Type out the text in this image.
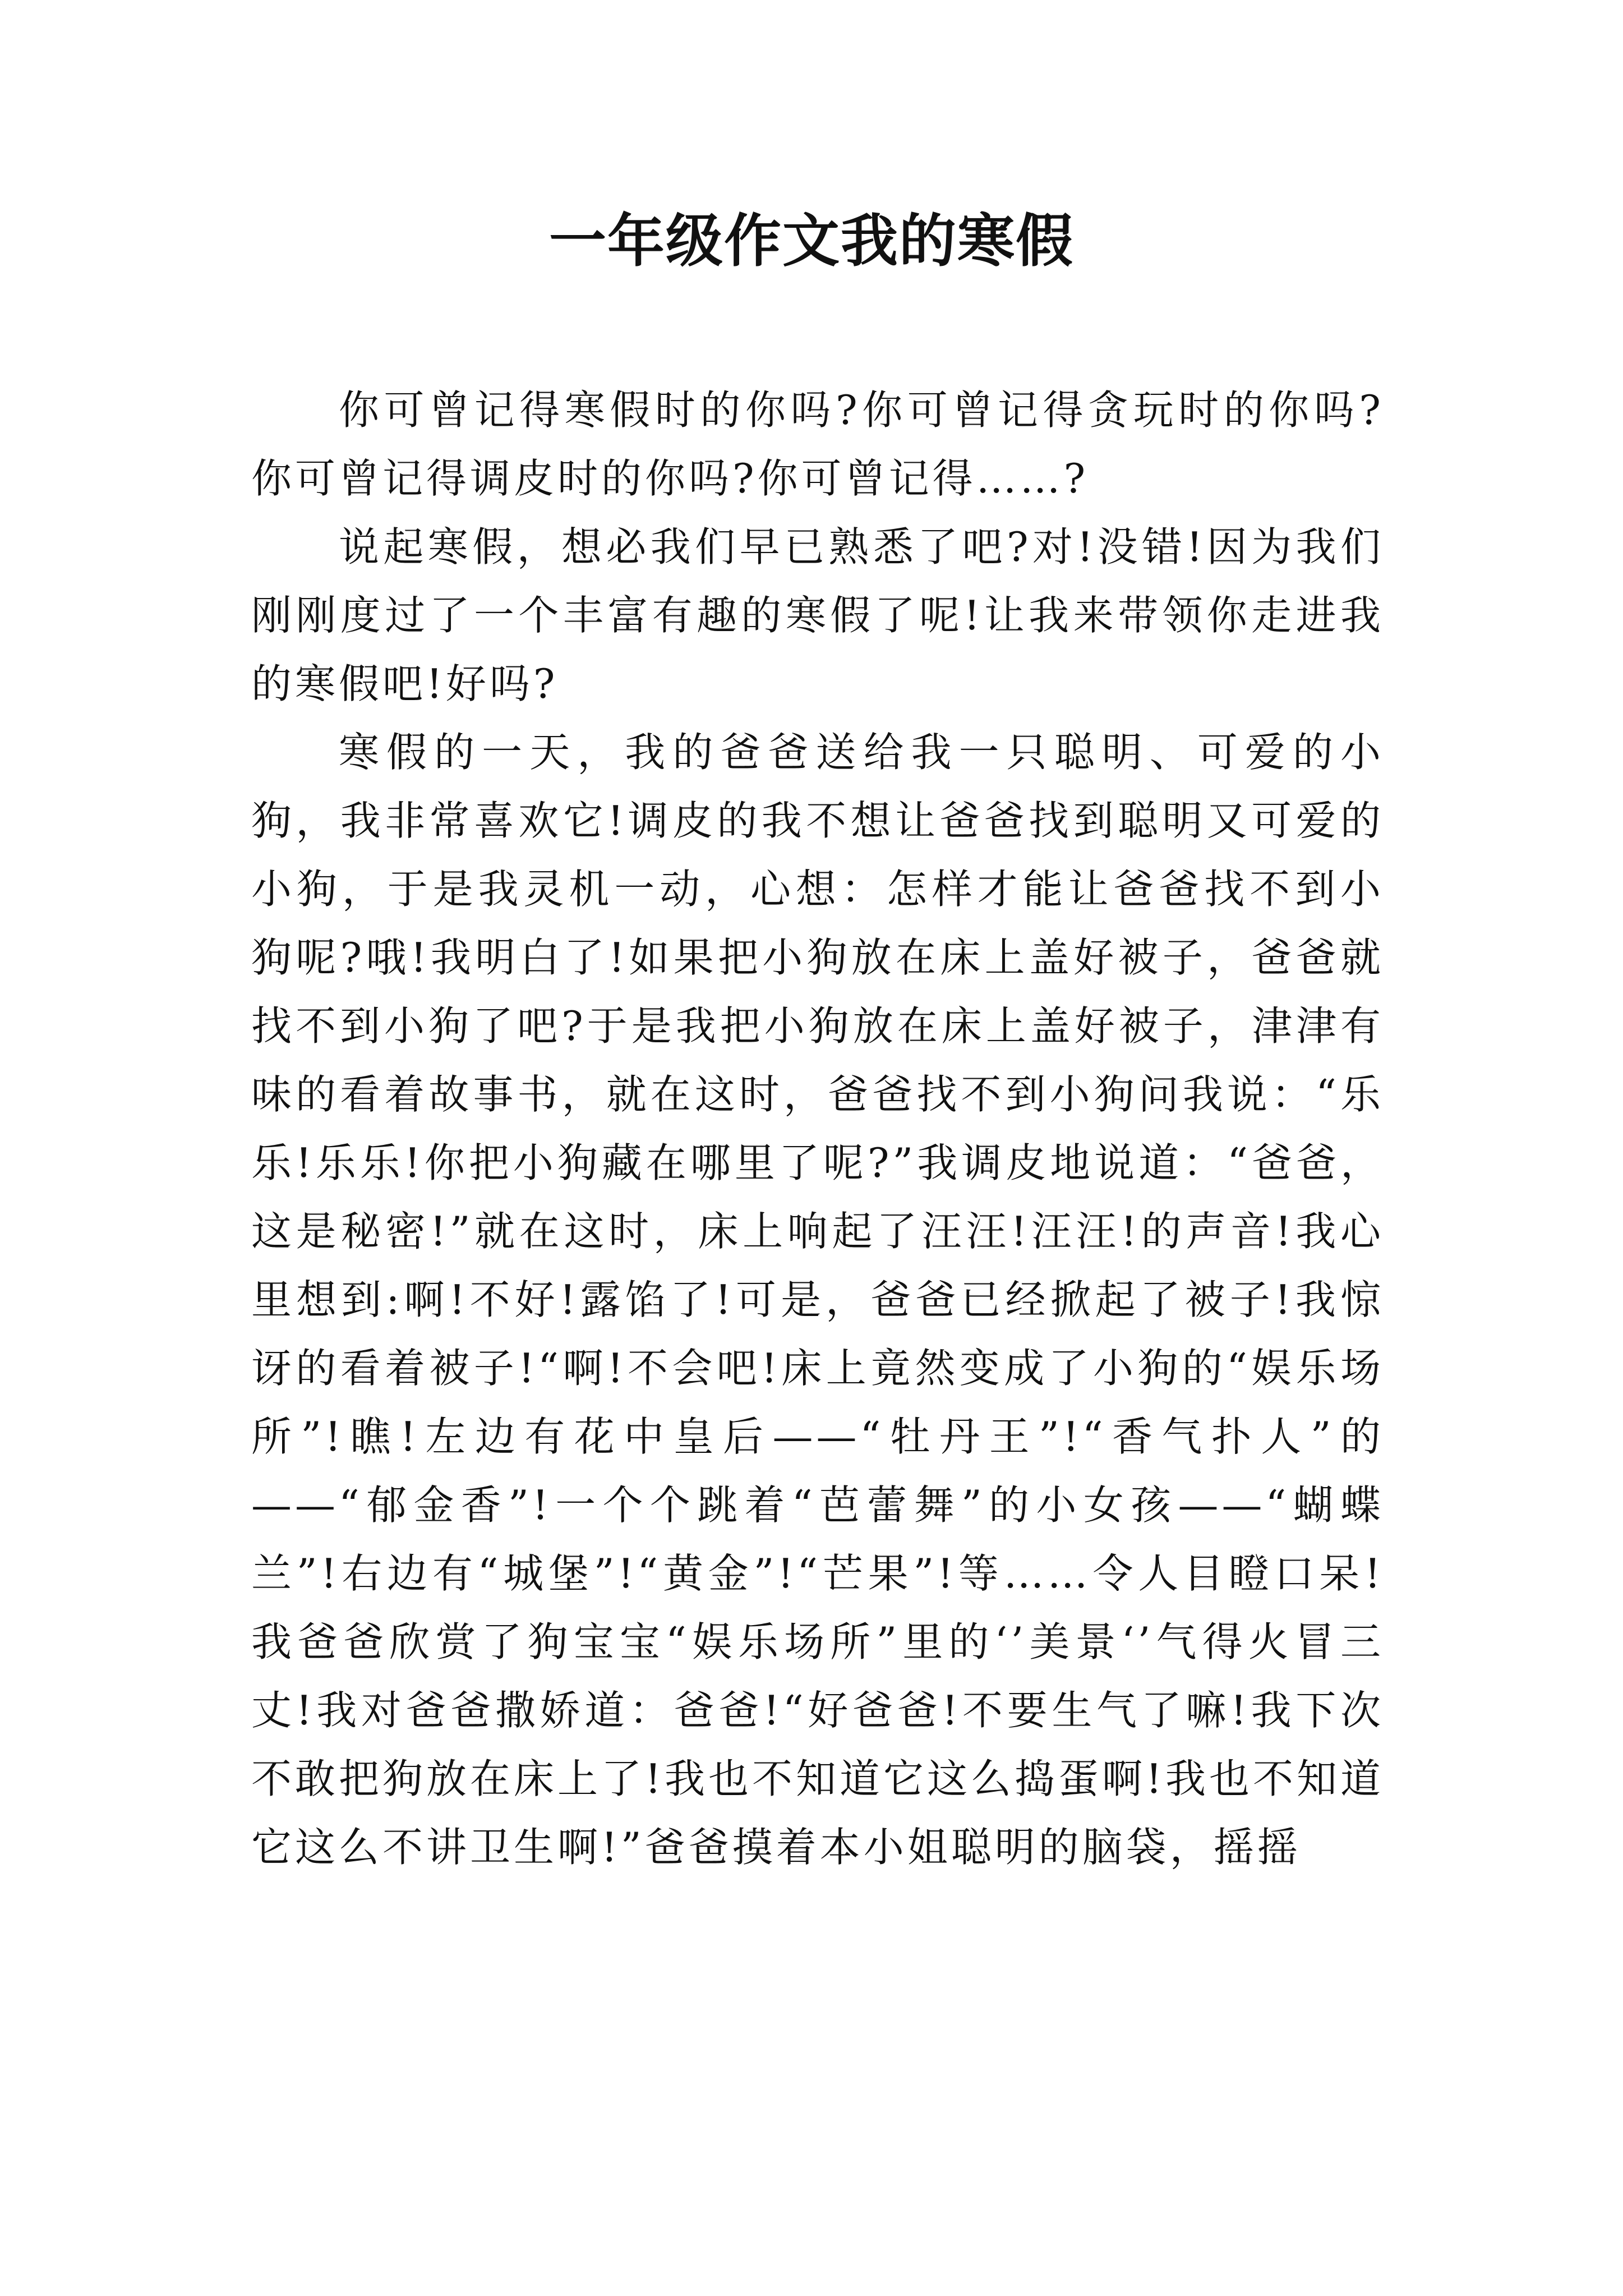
一年级作文我的寒假

你可曾记得寒假时的你吗?你可曾记得贪玩时的你吗?你可曾记得调皮时的你吗?你可曾记得……?

说起寒假，想必我们早已熟悉了吧?对!没错!因为我们刚刚度过了一个丰富有趣的寒假了呢!让我来带领你走进我的寒假吧!好吗?

寒假的一天，我的爸爸送给我一只聪明、可爱的小狗，我非常喜欢它!调皮的我不想让爸爸找到聪明又可爱的小狗，于是我灵机一动，心想：怎样才能让爸爸找不到小狗呢?哦!我明白了!如果把小狗放在床上盖好被子，爸爸就找不到小狗了吧?于是我把小狗放在床上盖好被子，津津有味的看着故事书，就在这时，爸爸找不到小狗问我说：“乐乐!乐乐!你把小狗藏在哪里了呢?”我调皮地说道：“爸爸，这是秘密!”就在这时，床上响起了汪汪!汪汪!的声音!我心里想到:啊!不好!露馅了!可是，爸爸已经掀起了被子!我惊讶的看着被子!“啊!不会吧!床上竟然变成了小狗的“娱乐场所”!瞧!左边有花中皇后——“牡丹王”!“香气扑人”的——“郁金香”!一个个跳着“芭蕾舞”的小女孩——“蝴蝶兰”!右边有“城堡”!“黄金”!“芒果”!等……令人目瞪口呆!我爸爸欣赏了狗宝宝“娱乐场所”里的‘’美景‘’气得火冒三丈!我对爸爸撒娇道：爸爸!“好爸爸!不要生气了嘛!我下次不敢把狗放在床上了!我也不知道它这么捣蛋啊!我也不知道它这么不讲卫生啊!”爸爸摸着本小姐聪明的脑袋，摇摇
